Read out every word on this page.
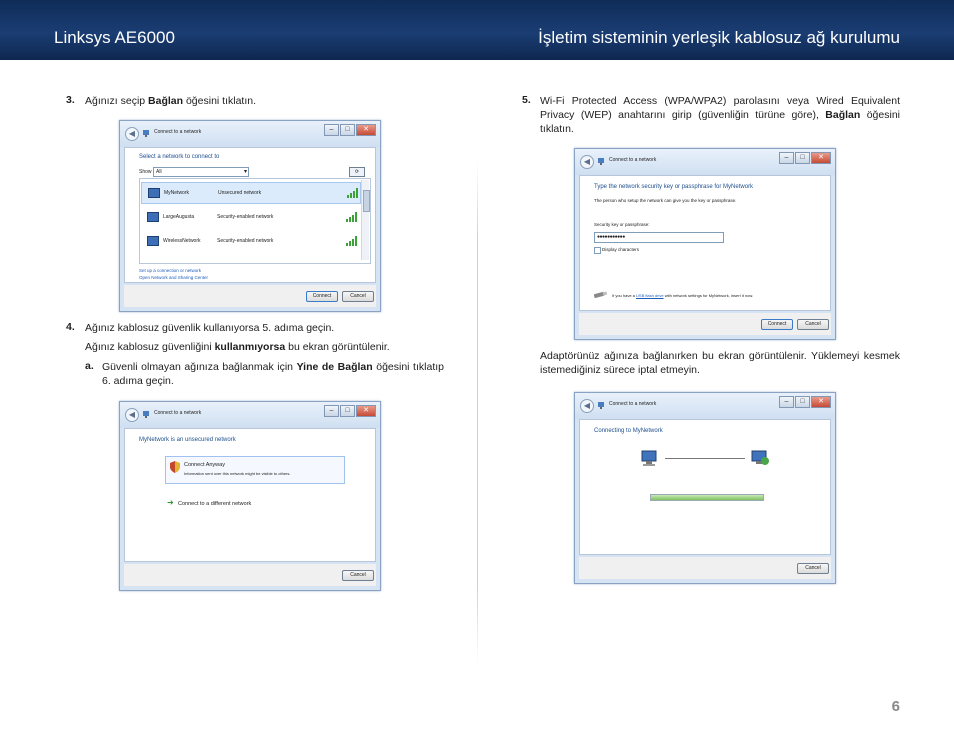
Linksys AE6000	İşletim sisteminin yerleşik kablosuz ağ kurulumu
3. Ağınızı seçip Bağlan öğesini tıklatın.
◀	Connect to a network	–	□	✕
Select a network to connect to
Show All	▾	⟳
MyNetwork	Unsecured network
LargeAugusta	Security-enabled network
WirelessNetwork	Security-enabled network
Set up a connection or network
Open Network and Sharing Center
Connect	Cancel
4. Ağınız kablosuz güvenlik kullanıyorsa 5. adıma geçin.
Ağınız kablosuz güvenliğini kullanmıyorsa bu ekran görüntülenir.
a. Güvenli olmayan ağınıza bağlanmak için Yine de Bağlan öğesini tıklatıp 6. adıma geçin.
◀	Connect to a network	–	□	✕
MyNetwork is an unsecured network
Connect Anyway
Information sent over this network might be visible to others.
➜ Connect to a different network
Cancel
5. Wi-Fi Protected Access (WPA/WPA2) parolasını veya Wired Equivalent Privacy (WEP) anahtarını girip (güvenliğin türüne göre), Bağlan öğesini tıklatın.
◀	Connect to a network	–	□	✕
Type the network security key or passphrase for MyNetwork
The person who setup the network can give you the key or passphrase.
Security key or passphrase:
●●●●●●●●●●●
Display characters
If you have a USB flash drive with network settings for MyNetwork, insert it now.
Connect	Cancel
Adaptörünüz ağınıza bağlanırken bu ekran görüntülenir. Yüklemeyi kesmek istemediğiniz sürece iptal etmeyin.
◀	Connect to a network	–	□	✕
Connecting to MyNetwork
Cancel
6
